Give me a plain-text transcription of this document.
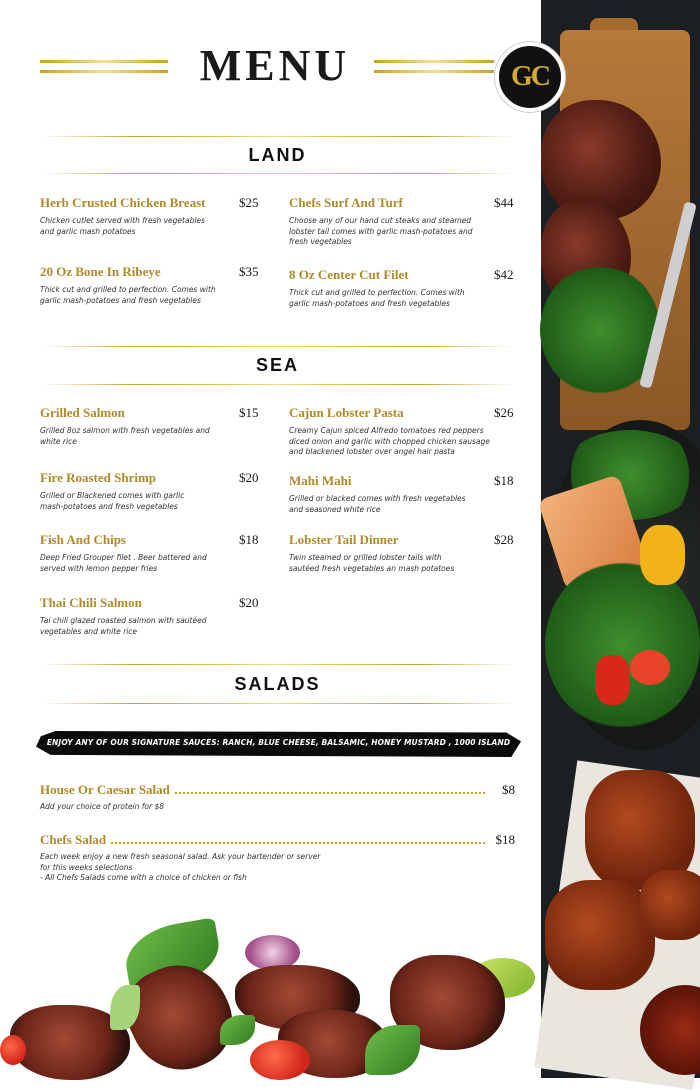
MENU	GC
LAND
Herb Crusted Chicken Breast	$25
Chicken cutlet served with fresh vegetables and garlic mash potatoes
20 Oz Bone In Ribeye	$35
Thick cut and grilled to perfection. Comes with garlic mash-potatoes and fresh vegetables
Chefs Surf And Turf	$44
Choose any of our hand cut steaks and steamed lobster tail comes with garlic mash-potatoes and fresh vegetables
8 Oz Center Cut Filet	$42
Thick cut and grilled to perfection. Comes with garlic mash-potatoes and fresh vegetables
SEA
Grilled Salmon	$15
Grilled 8oz salmon with fresh vegetables and white rice
Fire Roasted Shrimp	$20
Grilled or Blackened comes with garlic mash-potatoes and fresh vegetables
Fish And Chips	$18
Deep Fried Grouper filet . Beer battered and served with lemon pepper fries
Thai Chili Salmon	$20
Tai chili glazed roasted salmon with sautéed vegetables and white rice
Cajun Lobster Pasta	$26
Creamy Cajun spiced Alfredo tomatoes red peppers diced onion and garlic with chopped chicken sausage and blackened lobster over angel hair pasta
Mahi Mahi	$18
Grilled or blacked comes with fresh vegetables and seasoned white rice
Lobster Tail Dinner	$28
Twin steamed or grilled lobster tails with sautéed fresh vegetables an mash potatoes
SALADS
ENJOY ANY OF OUR SIGNATURE SAUCES: RANCH, BLUE CHEESE, BALSAMIC, HONEY MUSTARD , 1000 ISLAND
House Or Caesar Salad	$8
Add your choice of protein for $8
Chefs Salad	$18
Each week enjoy a new fresh seasonal salad. Ask your bartender or server
for this weeks selections
- All Chefs Salads come with a choice of chicken or fish
